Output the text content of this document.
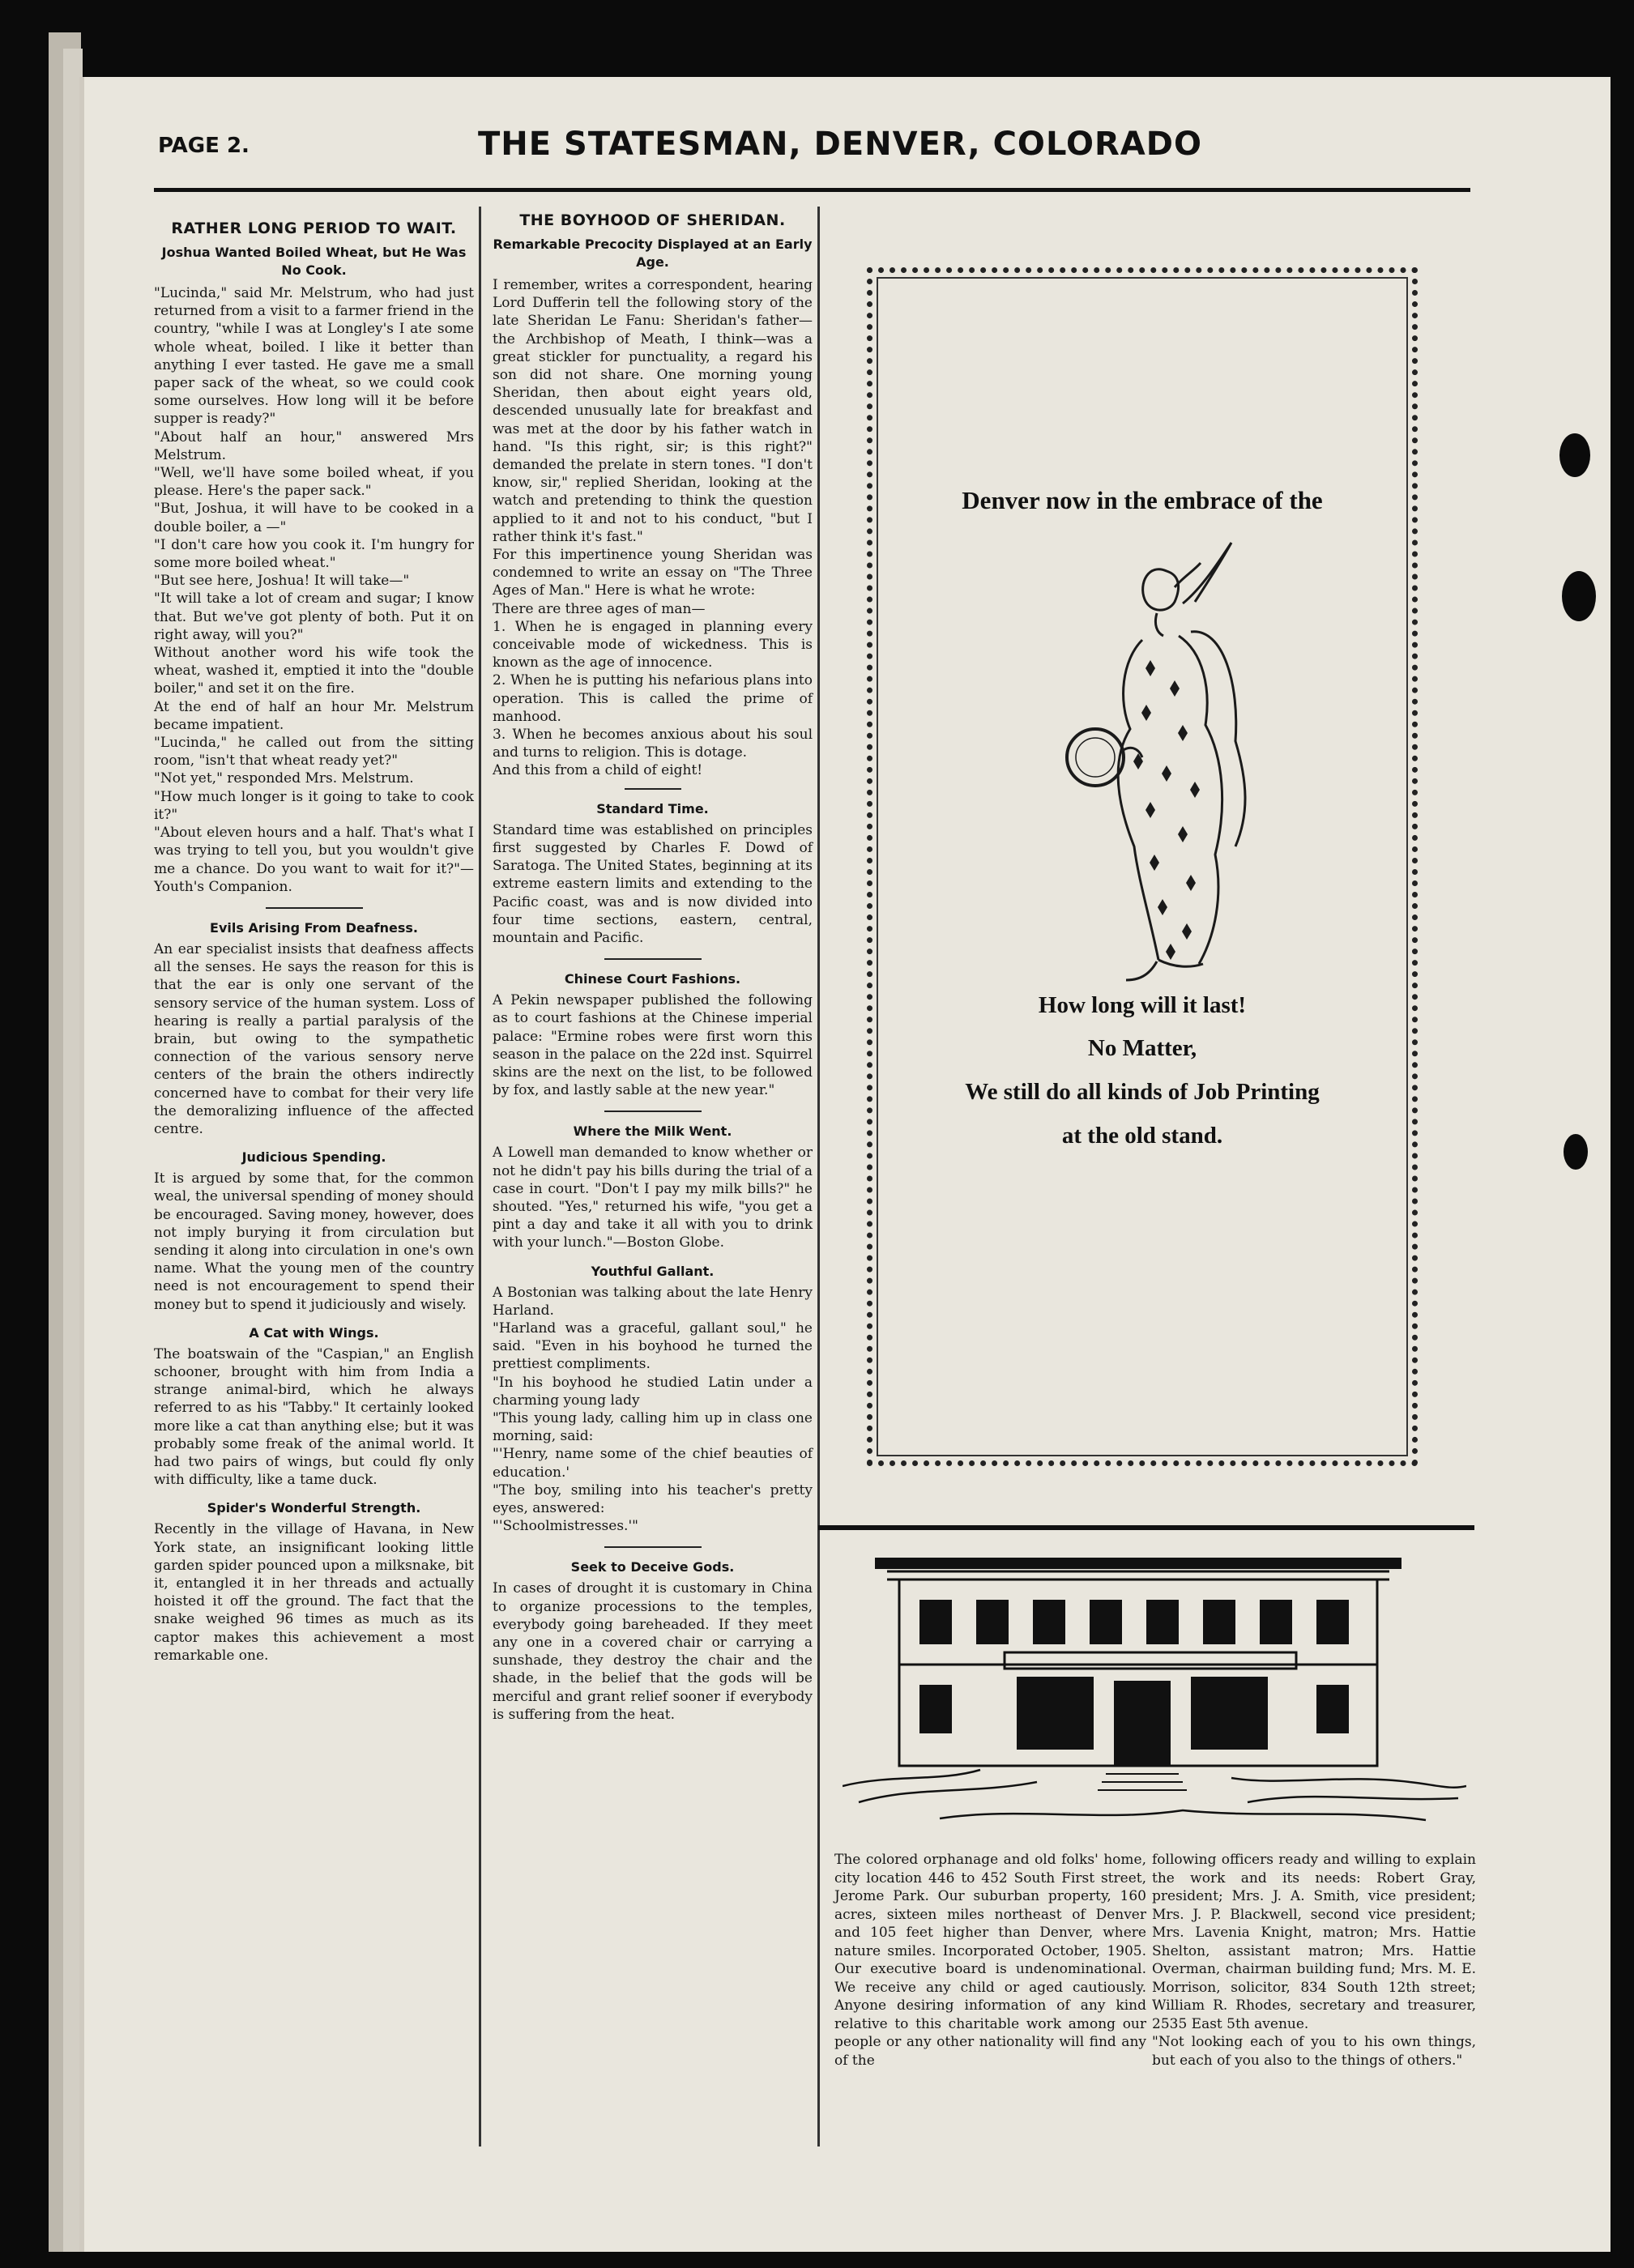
PAGE 2.	THE STATESMAN, DENVER, COLORADO
RATHER LONG PERIOD TO WAIT.
Joshua Wanted Boiled Wheat, but He Was No Cook.

"Lucinda," said Mr. Melstrum, who had just returned from a visit to a farmer friend in the country, "while I was at Longley's I ate some whole wheat, boiled. I like it better than anything I ever tasted. He gave me a small paper sack of the wheat, so we could cook some ourselves. How long will it be before supper is ready?"
"About half an hour," answered Mrs Melstrum.
"Well, we'll have some boiled wheat, if you please. Here's the paper sack."
"But, Joshua, it will have to be cooked in a double boiler, a —"
"I don't care how you cook it. I'm hungry for some more boiled wheat."
"But see here, Joshua! It will take—"
"It will take a lot of cream and sugar; I know that. But we've got plenty of both. Put it on right away, will you?"
Without another word his wife took the wheat, washed it, emptied it into the "double boiler," and set it on the fire.
At the end of half an hour Mr. Melstrum became impatient.
"Lucinda," he called out from the sitting room, "isn't that wheat ready yet?"
"Not yet," responded Mrs. Melstrum.
"How much longer is it going to take to cook it?"
"About eleven hours and a half. That's what I was trying to tell you, but you wouldn't give me a chance. Do you want to wait for it?"—Youth's Companion.

Evils Arising From Deafness.

An ear specialist insists that deafness affects all the senses. He says the reason for this is that the ear is only one servant of the sensory service of the human system. Loss of hearing is really a partial paralysis of the brain, but owing to the sympathetic connection of the various sensory nerve centers of the brain the others indirectly concerned have to combat for their very life the demoralizing influence of the affected centre.

Judicious Spending.

It is argued by some that, for the common weal, the universal spending of money should be encouraged. Saving money, however, does not imply burying it from circulation but sending it along into circulation in one's own name. What the young men of the country need is not encouragement to spend their money but to spend it judiciously and wisely.

A Cat with Wings.

The boatswain of the "Caspian," an English schooner, brought with him from India a strange animal-bird, which he always referred to as his "Tabby." It certainly looked more like a cat than anything else; but it was probably some freak of the animal world. It had two pairs of wings, but could fly only with difficulty, like a tame duck.

Spider's Wonderful Strength.

Recently in the village of Havana, in New York state, an insignificant looking little garden spider pounced upon a milksnake, bit it, entangled it in her threads and actually hoisted it off the ground. The fact that the snake weighed 96 times as much as its captor makes this achievement a most remarkable one.

THE BOYHOOD OF SHERIDAN.
Remarkable Precocity Displayed at an Early Age.

I remember, writes a correspondent, hearing Lord Dufferin tell the following story of the late Sheridan Le Fanu: Sheridan's father—the Archbishop of Meath, I think—was a great stickler for punctuality, a regard his son did not share. One morning young Sheridan, then about eight years old, descended unusually late for breakfast and was met at the door by his father watch in hand. "Is this right, sir; is this right?" demanded the prelate in stern tones. "I don't know, sir," replied Sheridan, looking at the watch and pretending to think the question applied to it and not to his conduct, "but I rather think it's fast."
For this impertinence young Sheridan was condemned to write an essay on "The Three Ages of Man." Here is what he wrote:
There are three ages of man—
1. When he is engaged in planning every conceivable mode of wickedness. This is known as the age of innocence.
2. When he is putting his nefarious plans into operation. This is called the prime of manhood.
3. When he becomes anxious about his soul and turns to religion. This is dotage.
And this from a child of eight!

Standard Time.

Standard time was established on principles first suggested by Charles F. Dowd of Saratoga. The United States, beginning at its extreme eastern limits and extending to the Pacific coast, was and is now divided into four time sections, eastern, central, mountain and Pacific.

Chinese Court Fashions.

A Pekin newspaper published the following as to court fashions at the Chinese imperial palace: "Ermine robes were first worn this season in the palace on the 22d inst. Squirrel skins are the next on the list, to be followed by fox, and lastly sable at the new year."

Where the Milk Went.

A Lowell man demanded to know whether or not he didn't pay his bills during the trial of a case in court. "Don't I pay my milk bills?" he shouted. "Yes," returned his wife, "you get a pint a day and take it all with you to drink with your lunch."—Boston Globe.

Youthful Gallant.

A Bostonian was talking about the late Henry Harland.
"Harland was a graceful, gallant soul," he said. "Even in his boyhood he turned the prettiest compliments.
"In his boyhood he studied Latin under a charming young lady
"This young lady, calling him up in class one morning, said:
"'Henry, name some of the chief beauties of education.'
"The boy, smiling into his teacher's pretty eyes, answered:
"'Schoolmistresses.'"

Seek to Deceive Gods.

In cases of drought it is customary in China to organize processions to the temples, everybody going bareheaded. If they meet any one in a covered chair or carrying a sunshade, they destroy the chair and the shade, in the belief that the gods will be merciful and grant relief sooner if everybody is suffering from the heat.

Denver now in the embrace of the
How long will it last!
No Matter,
We still do all kinds of Job Printing
at the old stand.

The colored orphanage and old folks' home, city location 446 to 452 South First street, Jerome Park. Our suburban property, 160 acres, sixteen miles northeast of Denver and 105 feet higher than Denver, where nature smiles. Incorporated October, 1905. Our executive board is undenominational. We receive any child or aged cautiously. Anyone desiring information of any kind relative to this charitable work among our people or any other nationality will find any of the

following officers ready and willing to explain the work and its needs: Robert Gray, president; Mrs. J. A. Smith, vice president; Mrs. J. P. Blackwell, second vice president; Mrs. Lavenia Knight, matron; Mrs. Hattie Shelton, assistant matron; Mrs. Hattie Overman, chairman building fund; Mrs. M. E. Morrison, solicitor, 834 South 12th street; William R. Rhodes, secretary and treasurer, 2535 East 5th avenue.
"Not looking each of you to his own things, but each of you also to the things of others."
